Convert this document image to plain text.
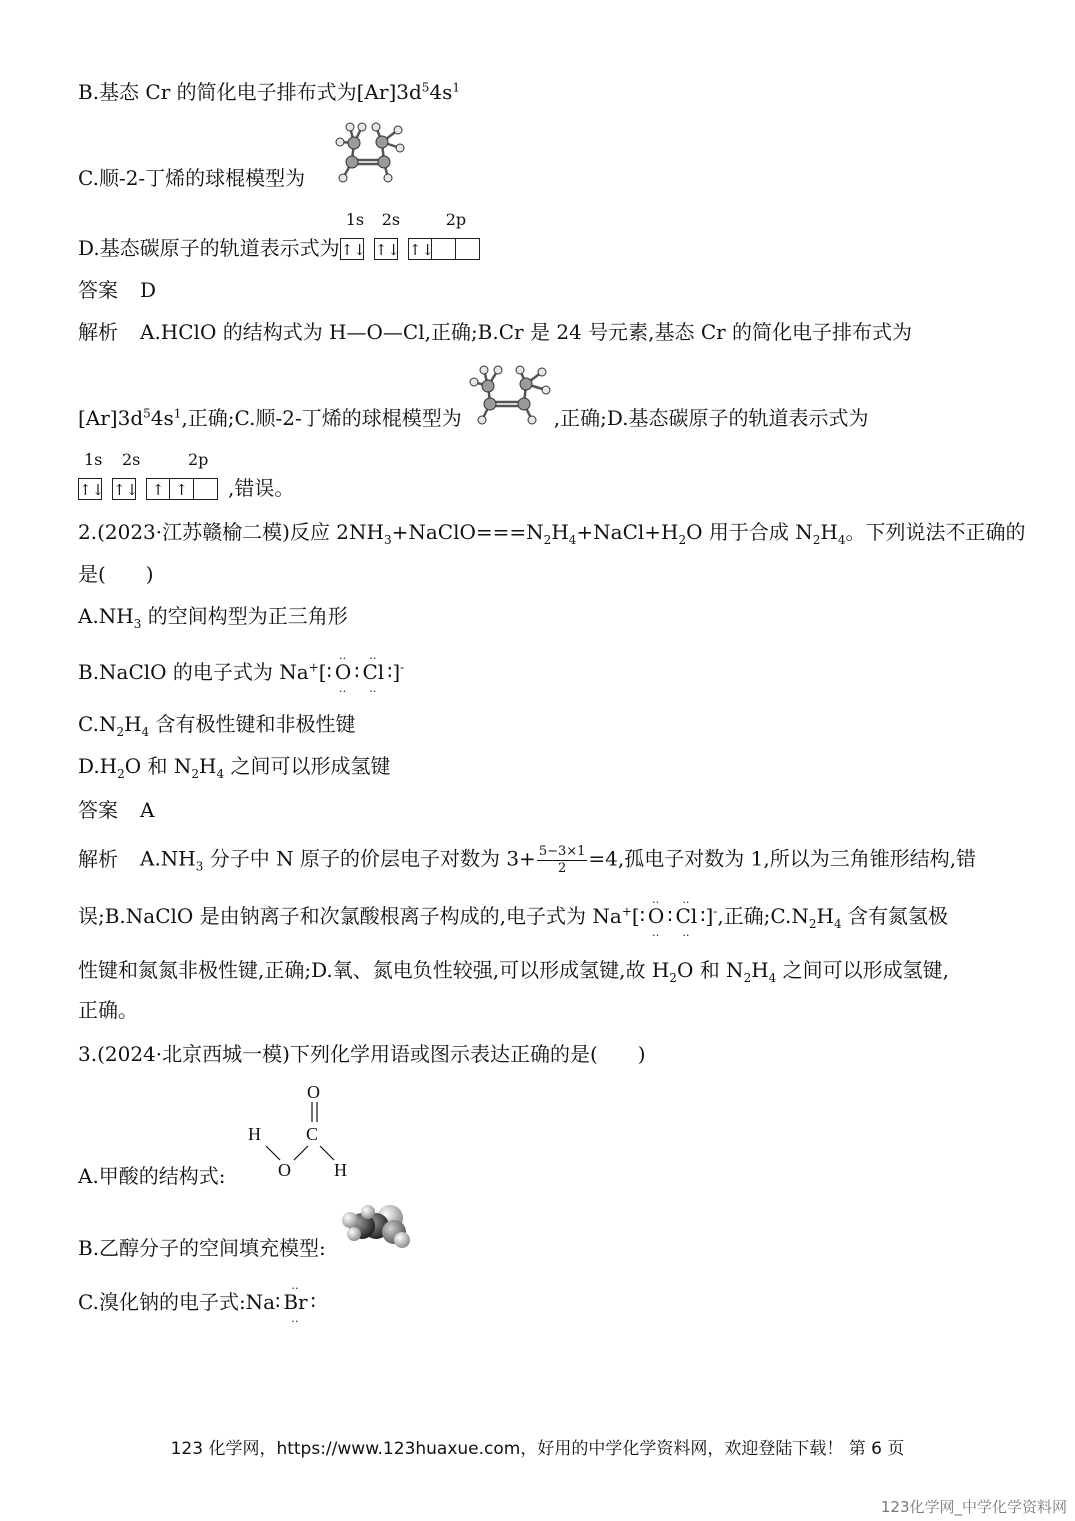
B.基态 Cr 的简化电子排布式为$[Ar]3d^54s^1$
C.顺-2-丁烯的球棍模型为
D.基态碳原子的轨道表示式为
1s 2s	2p
↑↓ ↑↓ ↑↓
答案 D
解析 A.HClO 的结构式为 H—O—Cl,正确;B.Cr 是 24 号元素,基态 Cr 的简化电子排布式为
$[Ar]3d^54s^1$,正确;C.顺-2-丁烯的球棍模型为	,正确;D.基态碳原子的轨道表示式为
1s 2s	2p
↑↓ ↑↓ ↑ ↑ ,错误。
2.(2023·江苏赣榆二模)反应 $2NH_3+NaClO===N_2H_4+NaCl+H_2O$ 用于合成 $N_2H_4$。下列说法不正确的
是(　　)
$A.NH_3$ 的空间构型为正三角形
B.NaClO 的电子式为 Na+[∶
‥
O
‥
∶
‥
Cl
‥
∶]-
$C.N_2H_4$ 含有极性键和非极性键
$D.H_2O$ 和 $N_2H_4$ 之间可以形成氢键
答案 A
解析 $A.NH_3$ 分子中 N 原子的价层电子对数为 $3+ \frac{5-3\times 1}{2} =4$,孤电子对数为 1,所以为三角锥形结构,错
误;B.NaClO 是由钠离子和次氯酸根离子构成的,电子式为 Na+[∶
‥
O
‥
∶
‥
Cl
‥
∶]-,正确$;C.N_2H_4$ 含有氮氢极
性键和氮氮非极性键,正确;D.氧、氮电负性较强,可以形成氢键,故 $H_2O$ 和 $N_2H_4$ 之间可以形成氢键,
正确。
3.(2024·北京西城一模)下列化学用语或图示表达正确的是(　　)
A.甲酸的结构式:
O
C
H
O H
B.乙醇分子的空间填充模型:
C.溴化钠的电子式:Na∶
‥
Br
‥
∶
123 化学网，https://www.123huaxue.com，好用的中学化学资料网，欢迎登陆下载！ 第 6 页
123化学网_中学化学资料网
